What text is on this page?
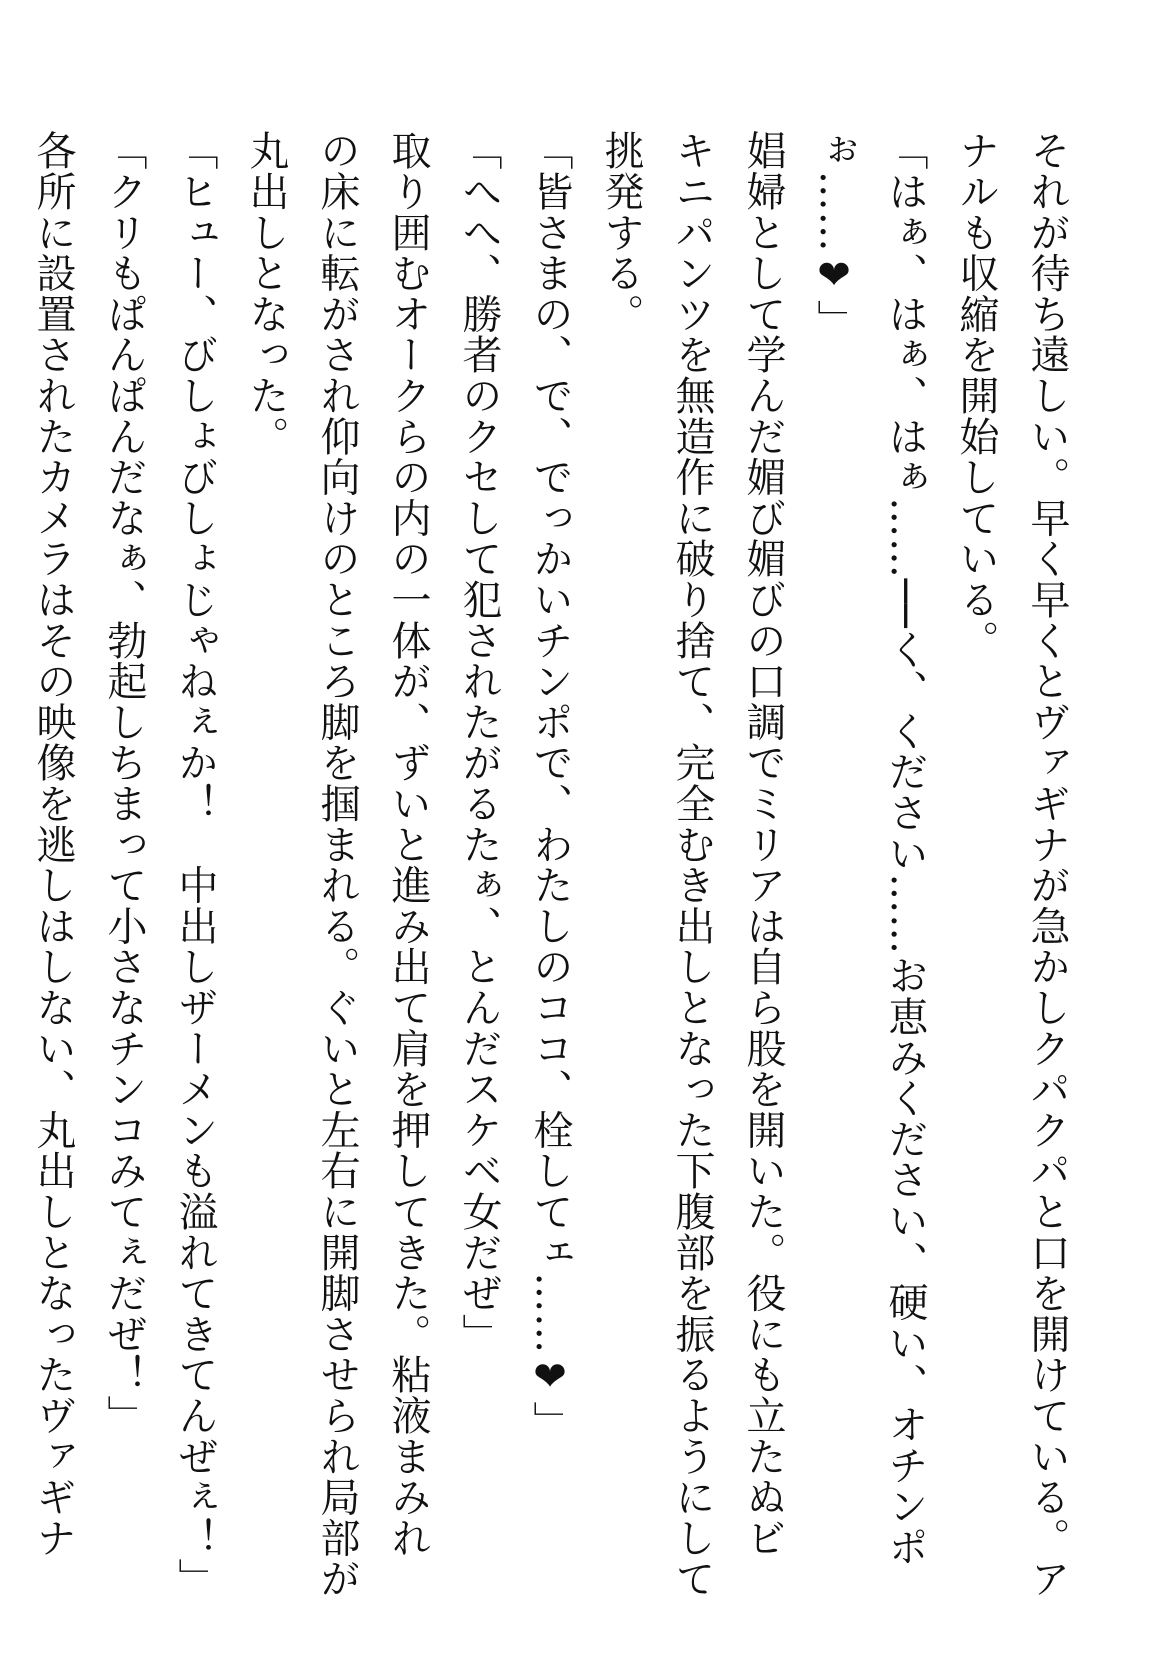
それが待ち遠しい。早く早くとヴァギナが急かしクパクパと口を開けている。ア
ナルも収縮を開始している。
「はぁ、はぁ、はぁ……──く、ください……お恵みください、硬い、オチンポ
ぉ……❤」
娼婦として学んだ媚び媚びの口調でミリアは自ら股を開いた。役にも立たぬビ
キニパンツを無造作に破り捨て、完全むき出しとなった下腹部を振るようにして
挑発する。
「皆さまの、で、でっかいチンポで、わたしのココ、栓してェ……❤」
「へへ、勝者のクセして犯されたがるたぁ、とんだスケベ女だぜ」
取り囲むオークらの内の一体が、ずいと進み出て肩を押してきた。粘液まみれ
の床に転がされ仰向けのところ脚を掴まれる。ぐいと左右に開脚させられ局部が
丸出しとなった。
「ヒュー、びしょびしょじゃねぇか！　中出しザーメンも溢れてきてんぜぇ！」
「クリもぱんぱんだなぁ、勃起しちまって小さなチンコみてぇだぜ！」
各所に設置されたカメラはその映像を逃しはしない、丸出しとなったヴァギナ
